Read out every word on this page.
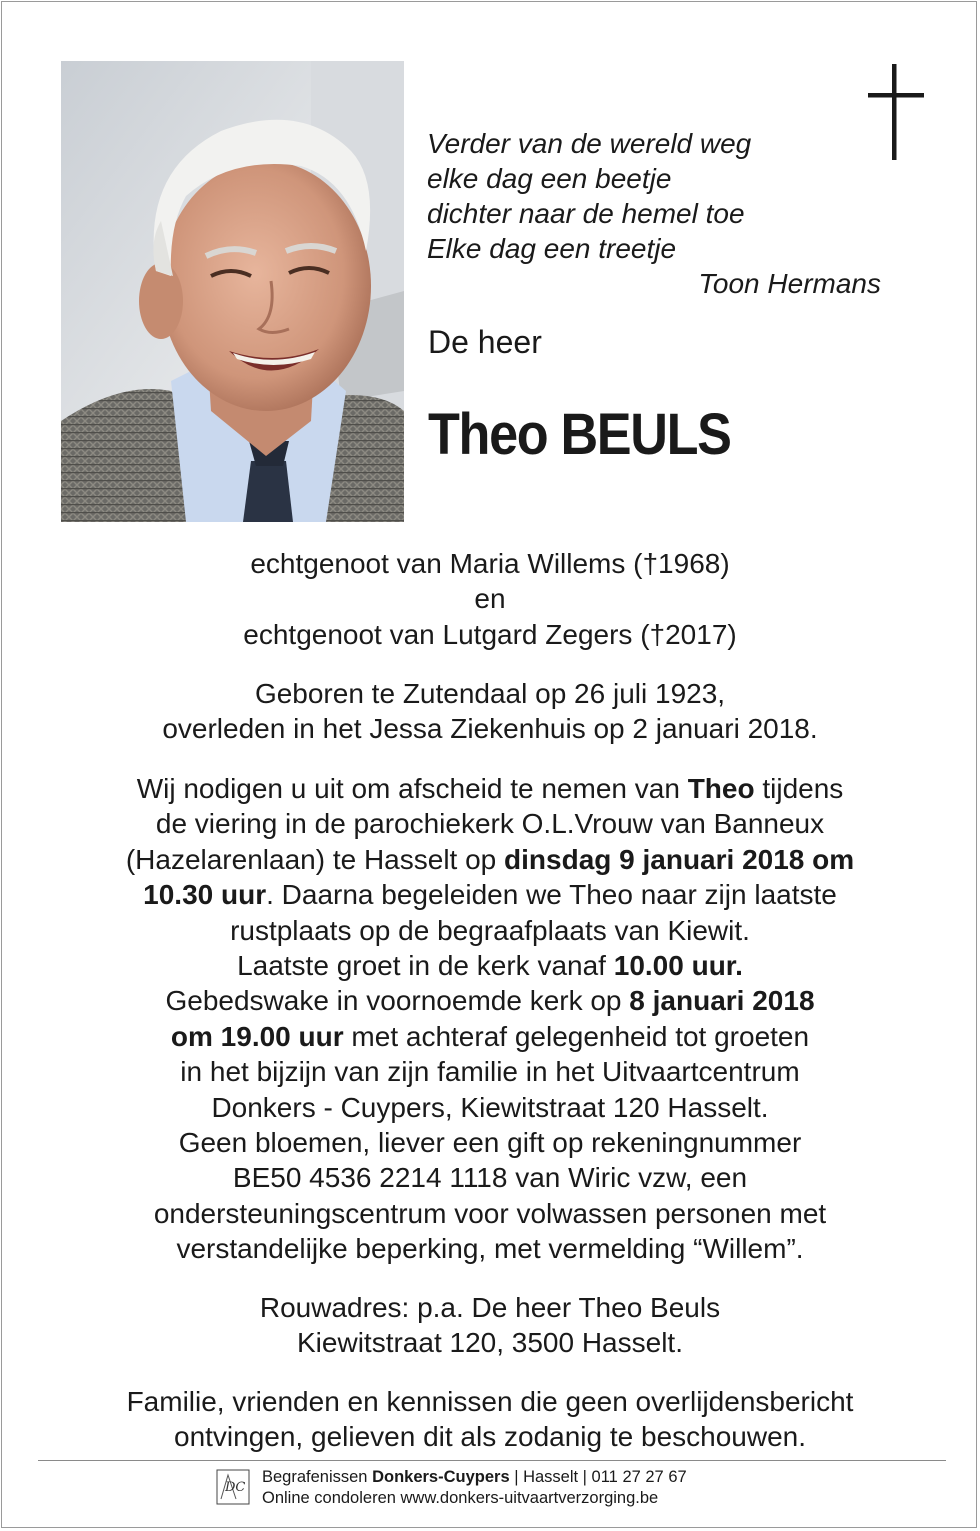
Verder van de wereld weg
elke dag een beetje
dichter naar de hemel toe
Elke dag een treetje
Toon Hermans
De heer
Theo BEULS
echtgenoot van Maria Willems (†1968)
en
echtgenoot van Lutgard Zegers (†2017)
Geboren te Zutendaal op 26 juli 1923,
overleden in het Jessa Ziekenhuis op 2 januari 2018.
Wij nodigen u uit om afscheid te nemen van Theo tijdens
de viering in de parochiekerk O.L.Vrouw van Banneux
(Hazelarenlaan) te Hasselt op dinsdag 9 januari 2018 om
10.30 uur. Daarna begeleiden we Theo naar zijn laatste
rustplaats op de begraafplaats van Kiewit.
Laatste groet in de kerk vanaf 10.00 uur.
Gebedswake in voornoemde kerk op 8 januari 2018
om 19.00 uur met achteraf gelegenheid tot groeten
in het bijzijn van zijn familie in het Uitvaartcentrum
Donkers - Cuypers, Kiewitstraat 120 Hasselt.
Geen bloemen, liever een gift op rekeningnummer
BE50 4536 2214 1118 van Wiric vzw, een
ondersteuningscentrum voor volwassen personen met
verstandelijke beperking, met vermelding “Willem”.
Rouwadres: p.a. De heer Theo Beuls
Kiewitstraat 120, 3500 Hasselt.
Familie, vrienden en kennissen die geen overlijdensbericht
ontvingen, gelieven dit als zodanig te beschouwen.
DC
Begrafenissen Donkers-Cuypers | Hasselt | 011 27 27 67
Online condoleren www.donkers-uitvaartverzorging.be
